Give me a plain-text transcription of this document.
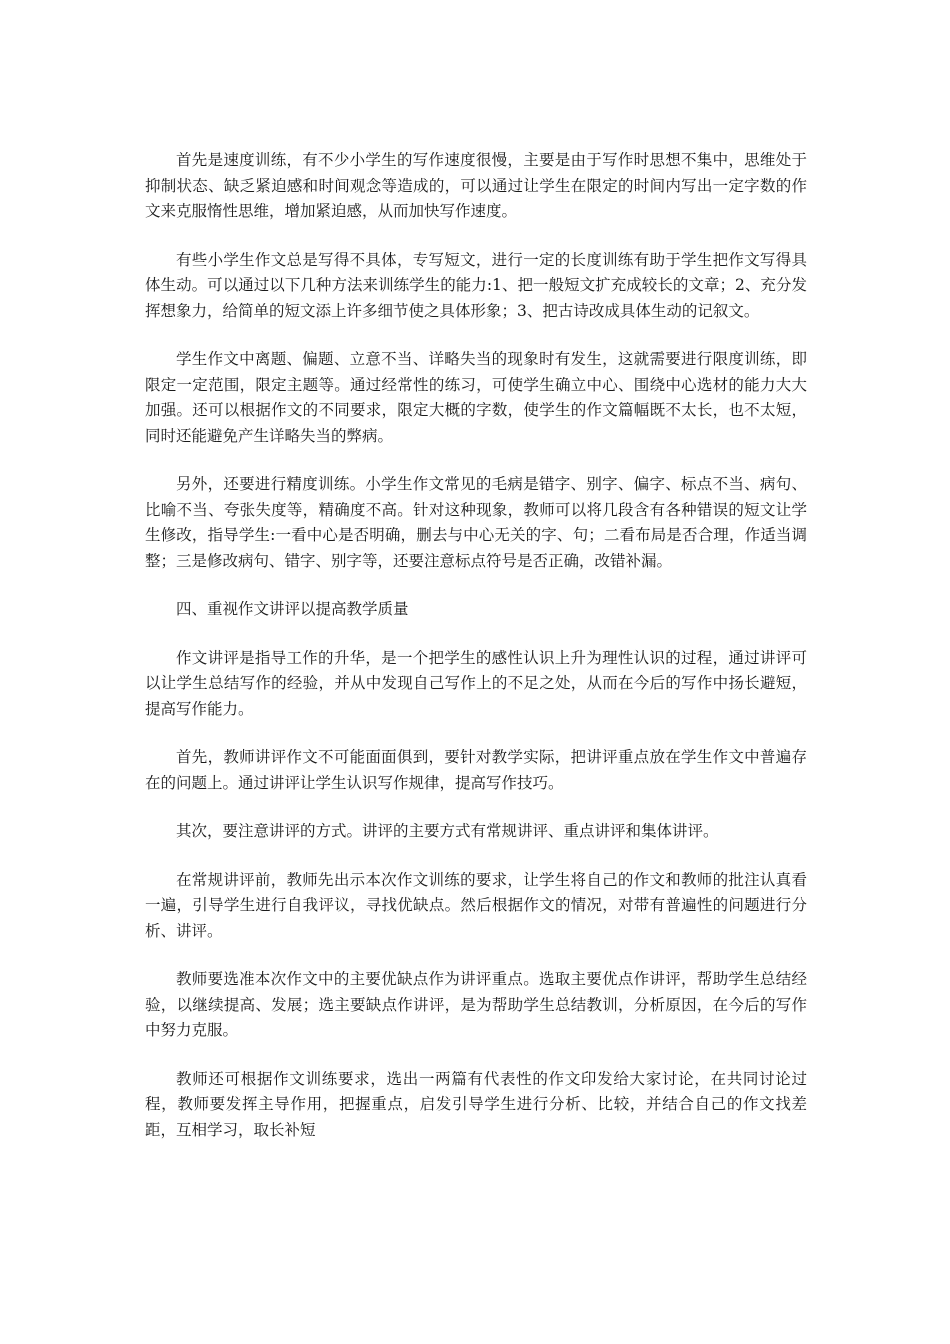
首先是速度训练，有不少小学生的写作速度很慢，主要是由于写作时思想不集中，思维处于抑制状态、缺乏紧迫感和时间观念等造成的，可以通过让学生在限定的时间内写出一定字数的作文来克服惰性思维，增加紧迫感，从而加快写作速度。

有些小学生作文总是写得不具体，专写短文，进行一定的长度训练有助于学生把作文写得具体生动。可以通过以下几种方法来训练学生的能力:1、把一般短文扩充成较长的文章；2、充分发挥想象力，给简单的短文添上许多细节使之具体形象；3、把古诗改成具体生动的记叙文。

学生作文中离题、偏题、立意不当、详略失当的现象时有发生，这就需要进行限度训练，即限定一定范围，限定主题等。通过经常性的练习，可使学生确立中心、围绕中心选材的能力大大加强。还可以根据作文的不同要求，限定大概的字数，使学生的作文篇幅既不太长，也不太短，同时还能避免产生详略失当的弊病。

另外，还要进行精度训练。小学生作文常见的毛病是错字、别字、偏字、标点不当、病句、比喻不当、夸张失度等，精确度不高。针对这种现象，教师可以将几段含有各种错误的短文让学生修改，指导学生:一看中心是否明确，删去与中心无关的字、句；二看布局是否合理，作适当调整；三是修改病句、错字、别字等，还要注意标点符号是否正确，改错补漏。

四、重视作文讲评以提高教学质量

作文讲评是指导工作的升华，是一个把学生的感性认识上升为理性认识的过程，通过讲评可以让学生总结写作的经验，并从中发现自己写作上的不足之处，从而在今后的写作中扬长避短，提高写作能力。

首先，教师讲评作文不可能面面俱到，要针对教学实际，把讲评重点放在学生作文中普遍存在的问题上。通过讲评让学生认识写作规律，提高写作技巧。

其次，要注意讲评的方式。讲评的主要方式有常规讲评、重点讲评和集体讲评。

在常规讲评前，教师先出示本次作文训练的要求，让学生将自己的作文和教师的批注认真看一遍，引导学生进行自我评议，寻找优缺点。然后根据作文的情况，对带有普遍性的问题进行分析、讲评。

教师要选准本次作文中的主要优缺点作为讲评重点。选取主要优点作讲评，帮助学生总结经验，以继续提高、发展；选主要缺点作讲评，是为帮助学生总结教训，分析原因，在今后的写作中努力克服。

教师还可根据作文训练要求，选出一两篇有代表性的作文印发给大家讨论，在共同讨论过程，教师要发挥主导作用，把握重点，启发引导学生进行分析、比较，并结合自己的作文找差距，互相学习，取长补短
